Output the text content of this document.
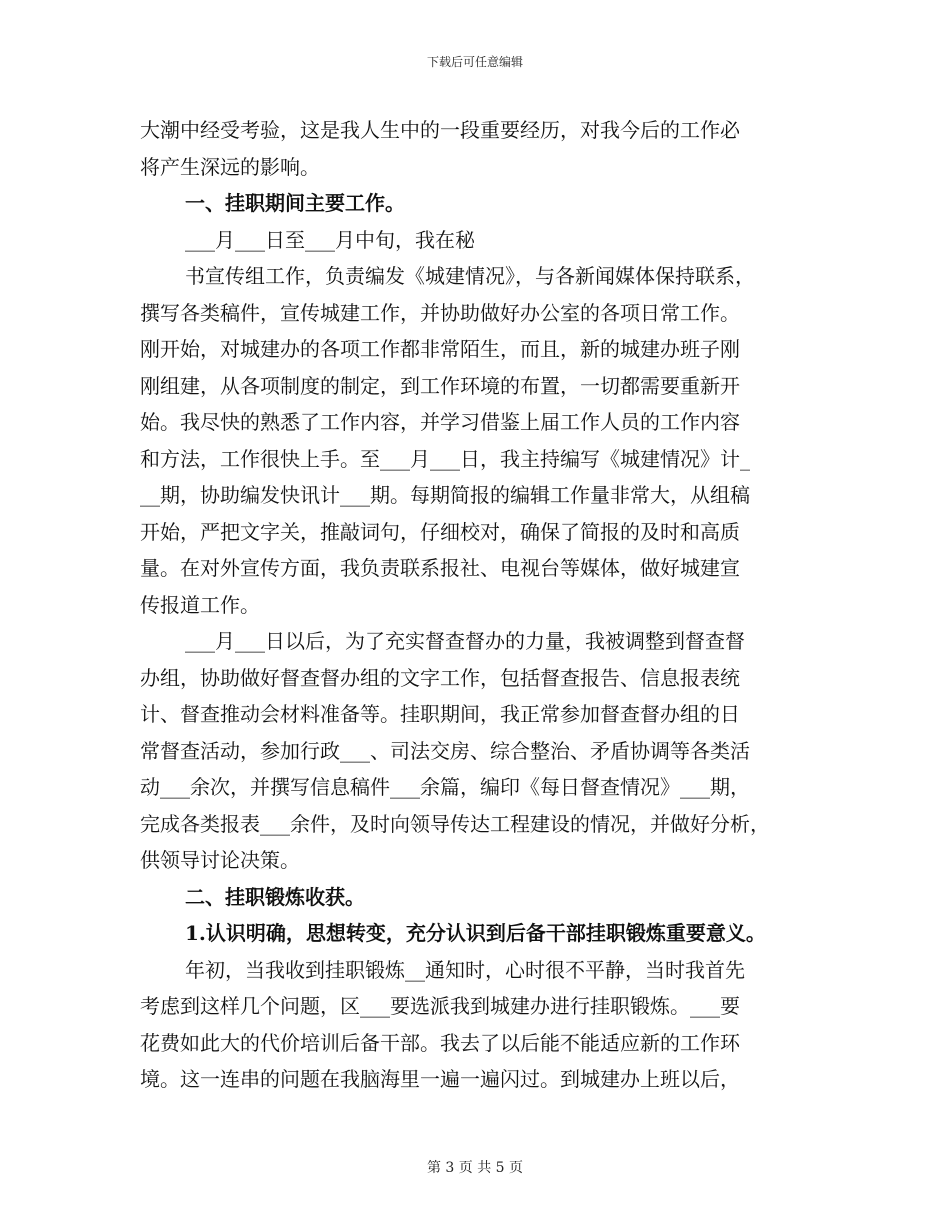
下载后可任意编辑
大潮中经受考验，这是我人生中的一段重要经历，对我今后的工作必
将产生深远的影响。
一、挂职期间主要工作。
___月___日至___月中旬，我在秘
书宣传组工作，负责编发《城建情况》，与各新闻媒体保持联系，
撰写各类稿件，宣传城建工作，并协助做好办公室的各项日常工作。
刚开始，对城建办的各项工作都非常陌生，而且，新的城建办班子刚
刚组建，从各项制度的制定，到工作环境的布置，一切都需要重新开
始。我尽快的熟悉了工作内容，并学习借鉴上届工作人员的工作内容
和方法，工作很快上手。至___月___日，我主持编写《城建情况》计_
__期，协助编发快讯计___期。每期简报的编辑工作量非常大，从组稿
开始，严把文字关，推敲词句，仔细校对，确保了简报的及时和高质
量。在对外宣传方面，我负责联系报社、电视台等媒体，做好城建宣
传报道工作。
___月___日以后，为了充实督查督办的力量，我被调整到督查督
办组，协助做好督查督办组的文字工作，包括督查报告、信息报表统
计、督查推动会材料准备等。挂职期间，我正常参加督查督办组的日
常督查活动，参加行政___、司法交房、综合整治、矛盾协调等各类活
动___余次，并撰写信息稿件___余篇，编印《每日督查情况》___期，
完成各类报表___余件，及时向领导传达工程建设的情况，并做好分析，
供领导讨论决策。
二、挂职锻炼收获。
1.认识明确，思想转变，充分认识到后备干部挂职锻炼重要意义。
年初，当我收到挂职锻炼__通知时，心时很不平静，当时我首先
考虑到这样几个问题，区___要选派我到城建办进行挂职锻炼。___要
花费如此大的代价培训后备干部。我去了以后能不能适应新的工作环
境。这一连串的问题在我脑海里一遍一遍闪过。到城建办上班以后，
第 3 页 共 5 页
